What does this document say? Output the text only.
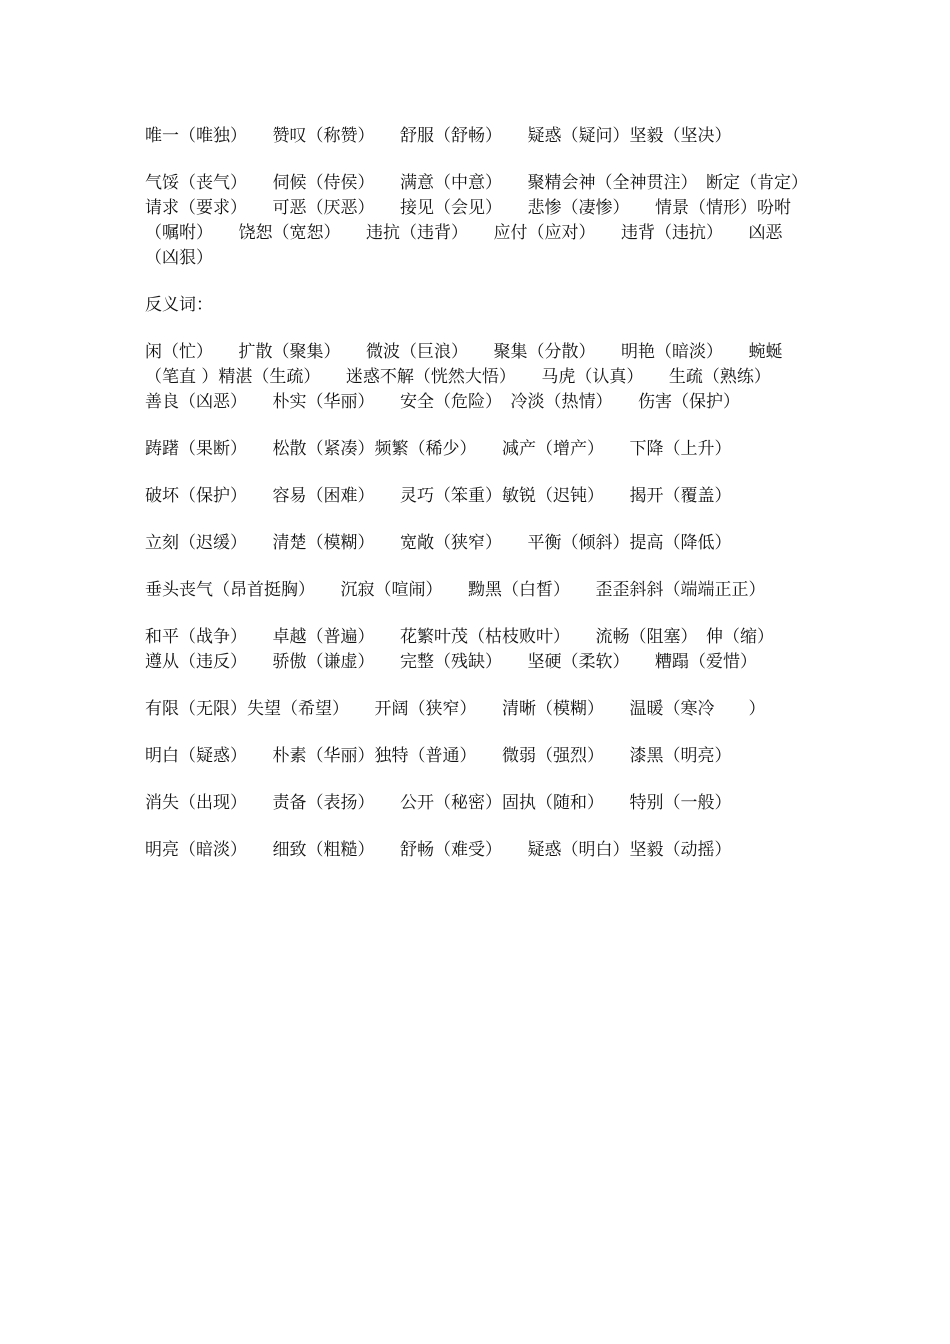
唯一（唯独）　　赞叹（称赞）　　舒服（舒畅）　　疑惑（疑问）坚毅（坚决）

气馁（丧气）　　伺候（侍侯）　　满意（中意）　　聚精会神（全神贯注）　断定（肯定）　　请求（要求）　　可恶（厌恶）　　接见（会见）　　悲惨（凄惨）　　情景（情形）吩咐（嘱咐）　　饶恕（宽恕）　　违抗（违背）　　应付（应对）　　违背（违抗）　　凶恶（凶狠）

反义词：

闲（忙）　　扩散（聚集）　　微波（巨浪）　　聚集（分散）　　明艳（暗淡）　　蜿蜒（笔直 ）精湛（生疏）　　迷惑不解（恍然大悟）　　马虎（认真）　　生疏（熟练）　　善良（凶恶）　　朴实（华丽）　　安全（危险）　冷淡（热情）　　伤害（保护）

踌躇（果断）　　松散（紧凑）频繁（稀少）　　减产（增产）　　下降（上升）

破坏（保护）　　容易（困难）　　灵巧（笨重）敏锐（迟钝）　　揭开（覆盖）

立刻（迟缓）　　清楚（模糊）　　宽敞（狭窄）　　平衡（倾斜）提高（降低）

垂头丧气（昂首挺胸）　　沉寂（喧闹）　　黝黑（白皙）　　歪歪斜斜（端端正正）

和平（战争）　　卓越（普遍）　　花繁叶茂（枯枝败叶）　　流畅（阻塞）　伸（缩）　　遵从（违反）　　骄傲（谦虚）　　完整（残缺）　　坚硬（柔软）　　糟蹋（爱惜）

有限（无限）失望（希望）　　开阔（狭窄）　　清晰（模糊）　　温暖（寒冷　　）

明白（疑惑）　　朴素（华丽）独特（普通）　　微弱（强烈）　　漆黑（明亮）

消失（出现）　　责备（表扬）　　公开（秘密）固执（随和）　　特别（一般）

明亮（暗淡）　　细致（粗糙）　　舒畅（难受）　　疑惑（明白）坚毅（动摇）
